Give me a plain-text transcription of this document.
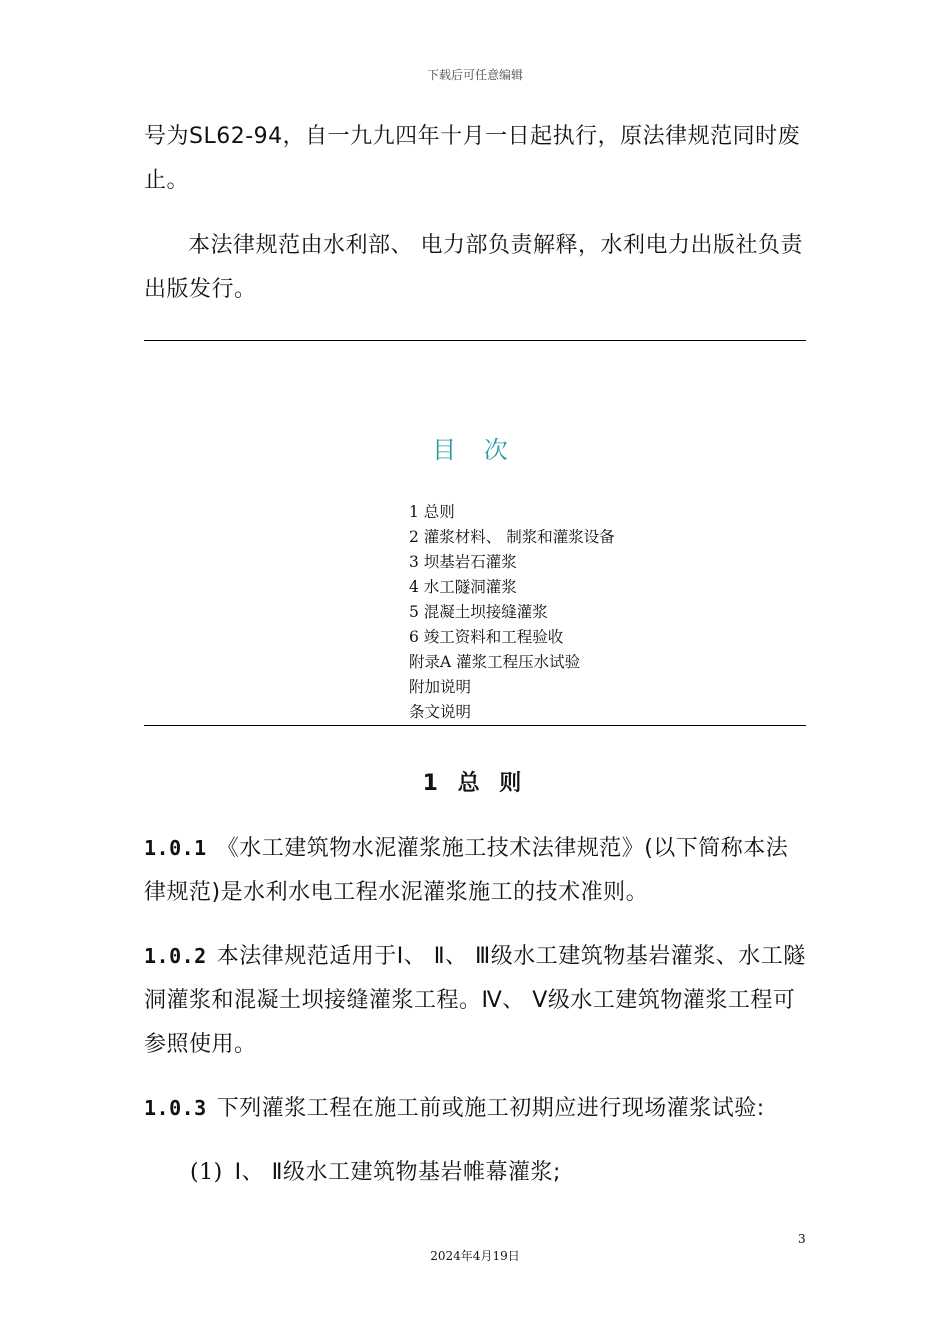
下载后可任意编辑
号为SL62-94，自一九九四年十月一日起执行，原法律规范同时废止。
本法律规范由水利部、 电力部负责解释，水利电力出版社负责出版发行。
目 次
1 总则
2 灌浆材料、 制浆和灌浆设备
3 坝基岩石灌浆
4 水工隧洞灌浆
5 混凝土坝接缝灌浆
6 竣工资料和工程验收
附录A 灌浆工程压水试验
附加说明
条文说明
1 总 则
1.0.1 《水工建筑物水泥灌浆施工技术法律规范》(以下简称本法律规范)是水利水电工程水泥灌浆施工的技术准则。
1.0.2 本法律规范适用于Ⅰ、 Ⅱ、 Ⅲ级水工建筑物基岩灌浆、水工隧洞灌浆和混凝土坝接缝灌浆工程。Ⅳ、 Ⅴ级水工建筑物灌浆工程可参照使用。
1.0.3 下列灌浆工程在施工前或施工初期应进行现场灌浆试验:
(1) Ⅰ、 Ⅱ级水工建筑物基岩帷幕灌浆;
3
2024年4月19日
